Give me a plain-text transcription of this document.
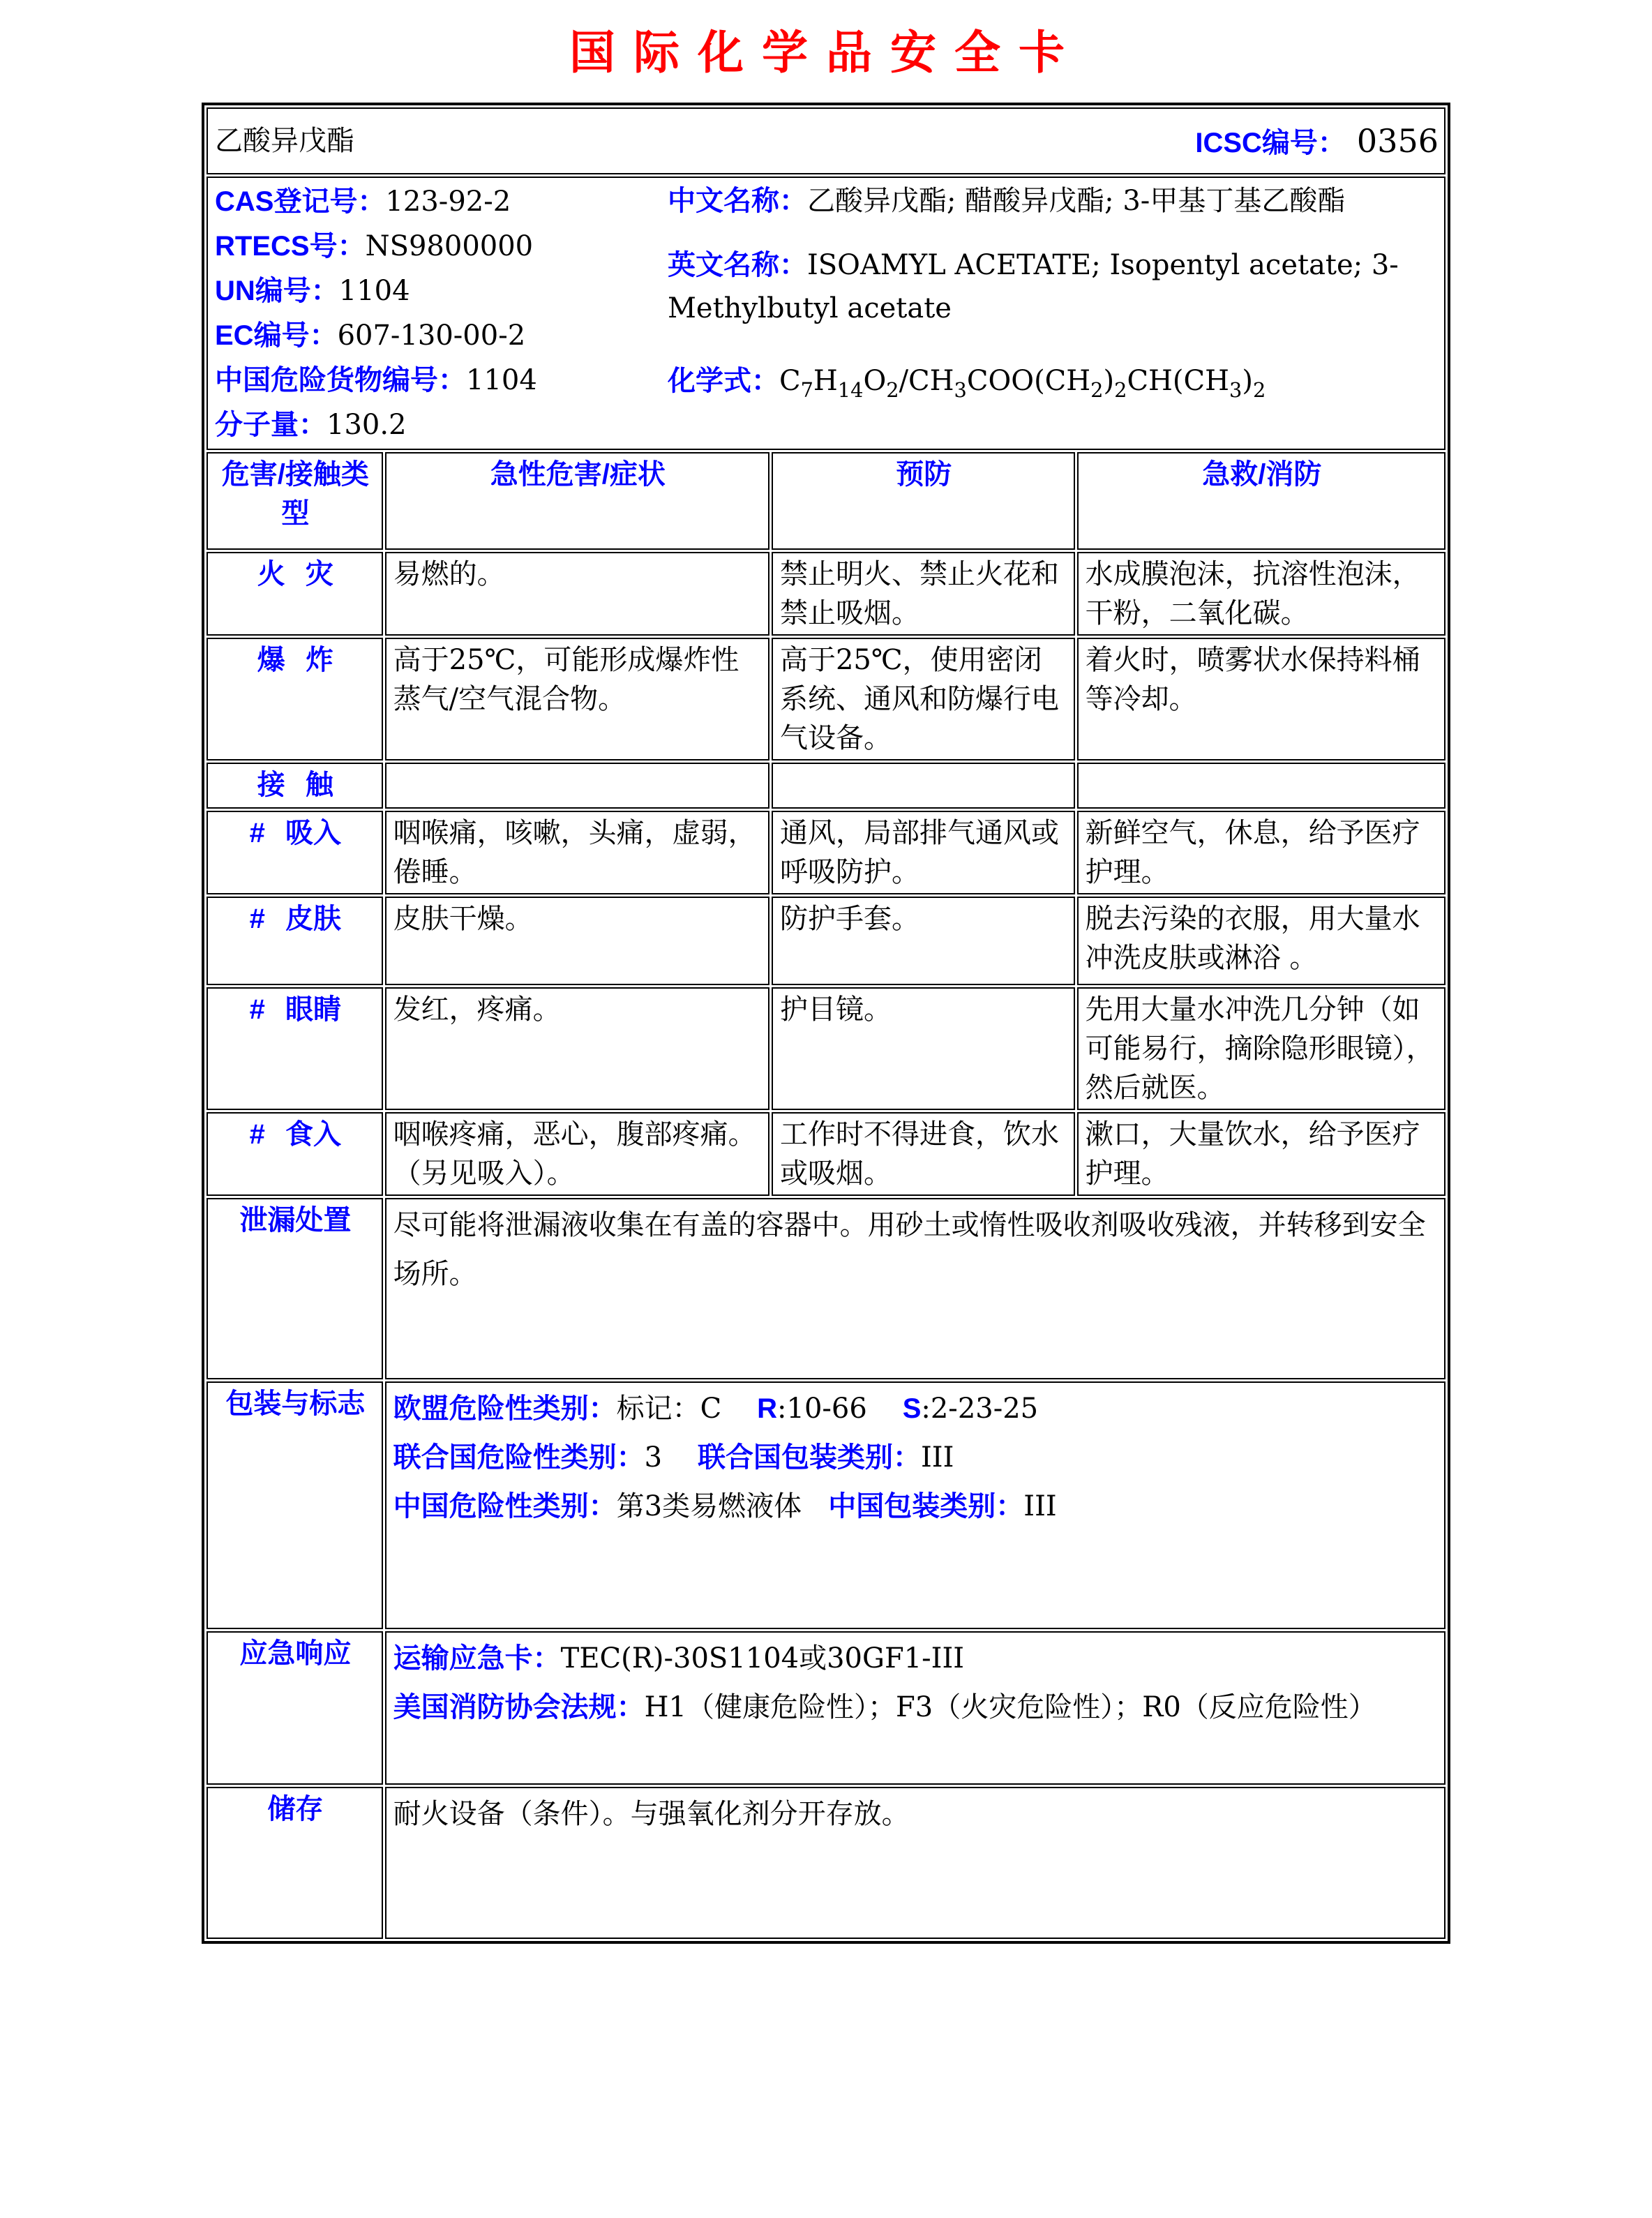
国际化学品安全卡
乙酸异戊酯 ICSC编号： 0356			

CAS登记号：123-92-2
RTECS号：NS9800000
UN编号：1104
EC编号：607-130-00-2
中国危险货物编号：1104
分子量：130.2
中文名称：乙酸异戊酯; 醋酸异戊酯; 3-甲基丁基乙酸酯
英文名称：ISOAMYL ACETATE; Isopentyl acetate; 3-Methylbutyl acetate
化学式：$C_7H_{14}O_2/CH_3COO(CH_2)_2CH(CH_3)_2$

危害/接触类型	急性危害/症状	预防	急救/消防
火 灾	易燃的。	禁止明火、禁止火花和禁止吸烟。	水成膜泡沫，抗溶性泡沫，干粉，二氧化碳。
爆 炸	高于25℃，可能形成爆炸性蒸气/空气混合物。	高于25℃，使用密闭系统、通风和防爆行电气设备。	着火时，喷雾状水保持料桶等冷却。
接 触			
# 吸入	咽喉痛，咳嗽，头痛，虚弱，倦睡。	通风，局部排气通风或呼吸防护。	新鲜空气，休息，给予医疗护理。
# 皮肤	皮肤干燥。	防护手套。	脱去污染的衣服，用大量水冲洗皮肤或淋浴 。
# 眼睛	发红，疼痛。	护目镜。	先用大量水冲洗几分钟（如可能易行，摘除隐形眼镜），然后就医。
# 食入	咽喉疼痛，恶心，腹部疼痛。（另见吸入）。	工作时不得进食，饮水或吸烟。	漱口，大量饮水，给予医疗护理。
泄漏处置	尽可能将泄漏液收集在有盖的容器中。用砂土或惰性吸收剂吸收残液，并转移到安全场所。		

包装与标志	欧盟危险性类别：标记：C    R:10-66    S:2-23-25
联合国危险性类别：3    联合国包装类别：III
中国危险性类别：第3类易燃液体   中国包装类别：III		

应急响应	运输应急卡：TEC(R)-30S1104或30GF1-III
美国消防协会法规：H1（健康危险性）；F3（火灾危险性）；R0（反应危险性）		

储存	耐火设备（条件）。与强氧化剂分开存放。		
